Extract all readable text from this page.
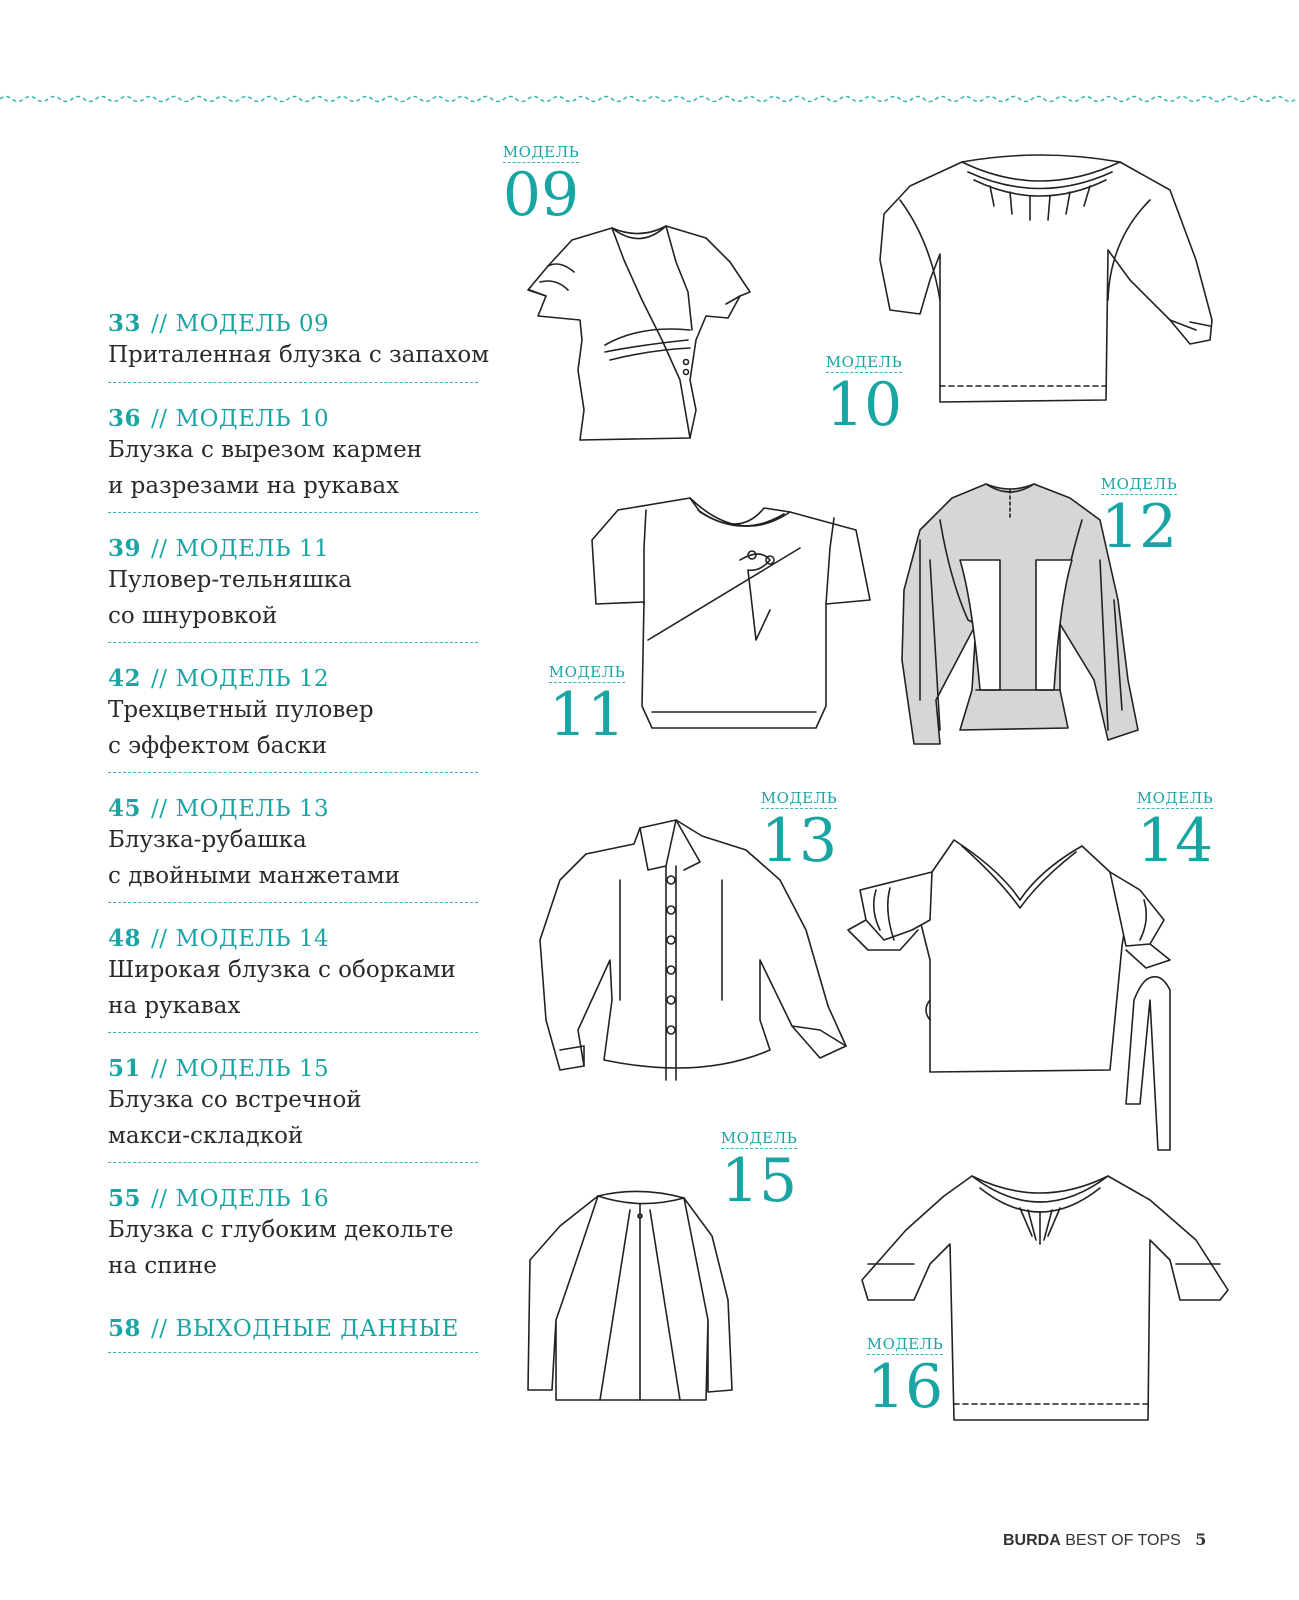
33 // МОДЕЛЬ 09
Приталенная блузка с запахом
36 // МОДЕЛЬ 10
Блузка с вырезом кармен
и разрезами на рукавах
39 // МОДЕЛЬ 11
Пуловер-тельняшка
со шнуровкой
42 // МОДЕЛЬ 12
Трехцветный пуловер
с эффектом баски
45 // МОДЕЛЬ 13
Блузка-рубашка
с двойными манжетами
48 // МОДЕЛЬ 14
Широкая блузка с оборками
на рукавах
51 // МОДЕЛЬ 15
Блузка со встречной
макси-складкой
55 // МОДЕЛЬ 16
Блузка с глубоким декольте
на спине
58 // ВЫХОДНЫЕ ДАННЫЕ
МОДЕЛЬ
09
МОДЕЛЬ
10
МОДЕЛЬ
11
МОДЕЛЬ
12
МОДЕЛЬ
13
МОДЕЛЬ
14
МОДЕЛЬ
15
МОДЕЛЬ
16
BURDA BEST OF TOPS 5
